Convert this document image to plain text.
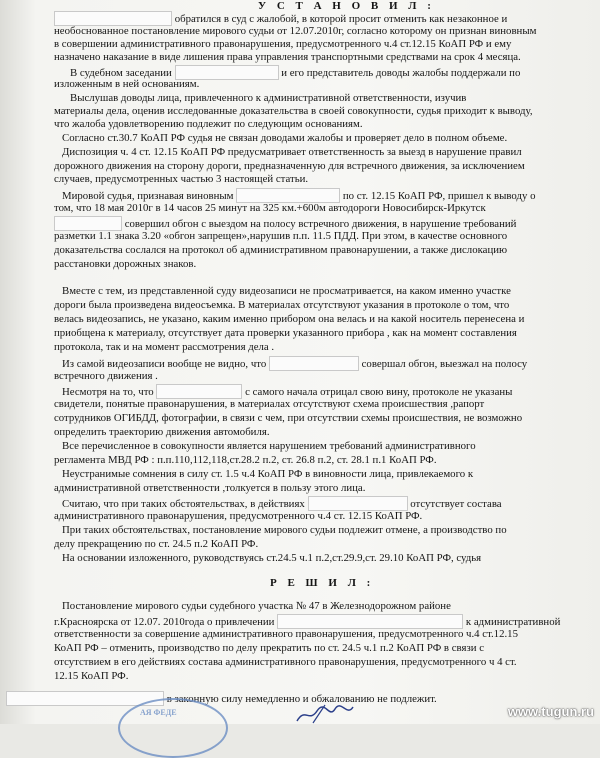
У С Т А Н О В И Л :
обратился в суд с жалобой, в которой просит отменить как незаконное и
необоснованное постановление мирового судьи от 12.07.2010г, согласно которому он признан виновным
в совершении административного правонарушения, предусмотренного ч.4 ст.12.15 КоАП РФ и ему
назначено наказание в виде лишения права управления транспортными средствами на срок 4 месяца.
В судебном заседании	и его представитель доводы жалобы поддержали по
изложенным в ней основаниям.
Выслушав доводы лица, привлеченного к административной ответственности, изучив
материалы дела, оценив исследованные доказательства в своей совокупности, судья приходит к выводу,
что жалоба удовлетворению подлежит по следующим основаниям.
Согласно ст.30.7 КоАП РФ судья не связан доводами жалобы и проверяет дело в полном объеме.
Диспозиция ч. 4 ст. 12.15 КоАП РФ предусматривает ответственность за выезд в нарушение правил
дорожного движения на сторону дороги, предназначенную для встречного движения, за исключением
случаев, предусмотренных частью 3 настоящей статьи.
Мировой судья, признавая виновным	по ст. 12.15 КоАП РФ, пришел к выводу о
том, что 18 мая 2010г в 14 часов 25 минут на 325 км.+600м автодороги Новосибирск-Иркутск
совершил обгон с выездом на полосу встречного движения, в нарушение требований
разметки 1.1 знака 3.20 «обгон запрещен»,нарушив п.п. 11.5 ПДД. При этом, в качестве основного
доказательства сослался на протокол об административном правонарушении, а также дислокацию
расстановки дорожных знаков.
Вместе с тем, из представленной суду видеозаписи не просматривается, на каком именно участке
дороги была произведена видеосъемка. В материалах отсутствуют указания в протоколе о том, что
велась видеозапись, не указано, каким именно прибором она велась и на какой носитель перенесена и
приобщена к материалу, отсутствует дата проверки указанного прибора , как на момент составления
протокола, так и на момент рассмотрения дела .
Из самой видеозаписи вообще не видно, что	совершал обгон, выезжал на полосу
встречного движения .
Несмотря на то, что	с самого начала отрицал свою вину, протоколе не указаны
свидетели, понятые правонарушения, в материалах отсутствуют схема происшествия ,рапорт
сотрудников ОГИБДД, фотографии, в связи с чем, при отсутствии схемы происшествия, не возможно
определить траекторию движения автомобиля.
Все перечисленное в совокупности является нарушением требований административного
регламента МВД РФ : п.п.110,112,118,ст.28.2 п.2, ст. 26.8 п.2, ст. 28.1 п.1 КоАП РФ.
Неустранимые сомнения в силу ст. 1.5 ч.4 КоАП РФ в виновности лица, привлекаемого к
административной ответственности ,толкуется в пользу этого лица.
Считаю, что при таких обстоятельствах, в действиях	отсутствует состава
административного правонарушения, предусмотренного ч.4 ст. 12.15 КоАП РФ.
При таких обстоятельствах, постановление мирового судьи подлежит отмене, а производство по
делу прекращению по ст. 24.5 п.2 КоАП РФ.
На основании изложенного, руководствуясь ст.24.5 ч.1 п.2,ст.29.9,ст. 29.10 КоАП РФ, судья
Р Е Ш И Л :
Постановление мирового судьи судебного участка № 47 в Железнодорожном районе
г.Красноярска от 12.07. 2010года о привлечении	к административной
ответственности за совершение административного правонарушения, предусмотренного ч.4 ст.12.15
КоАП РФ – отменить, производство по делу прекратить по ст. 24.5 ч.1 п.2 КоАП РФ в связи с
отсутствием в его действиях состава административного правонарушения, предусмотренного ч 4 ст.
12.15 КоАП РФ.
в законную силу немедленно и обжалованию не подлежит.
АЯ ФЕДЕ	www.tugun.ru
